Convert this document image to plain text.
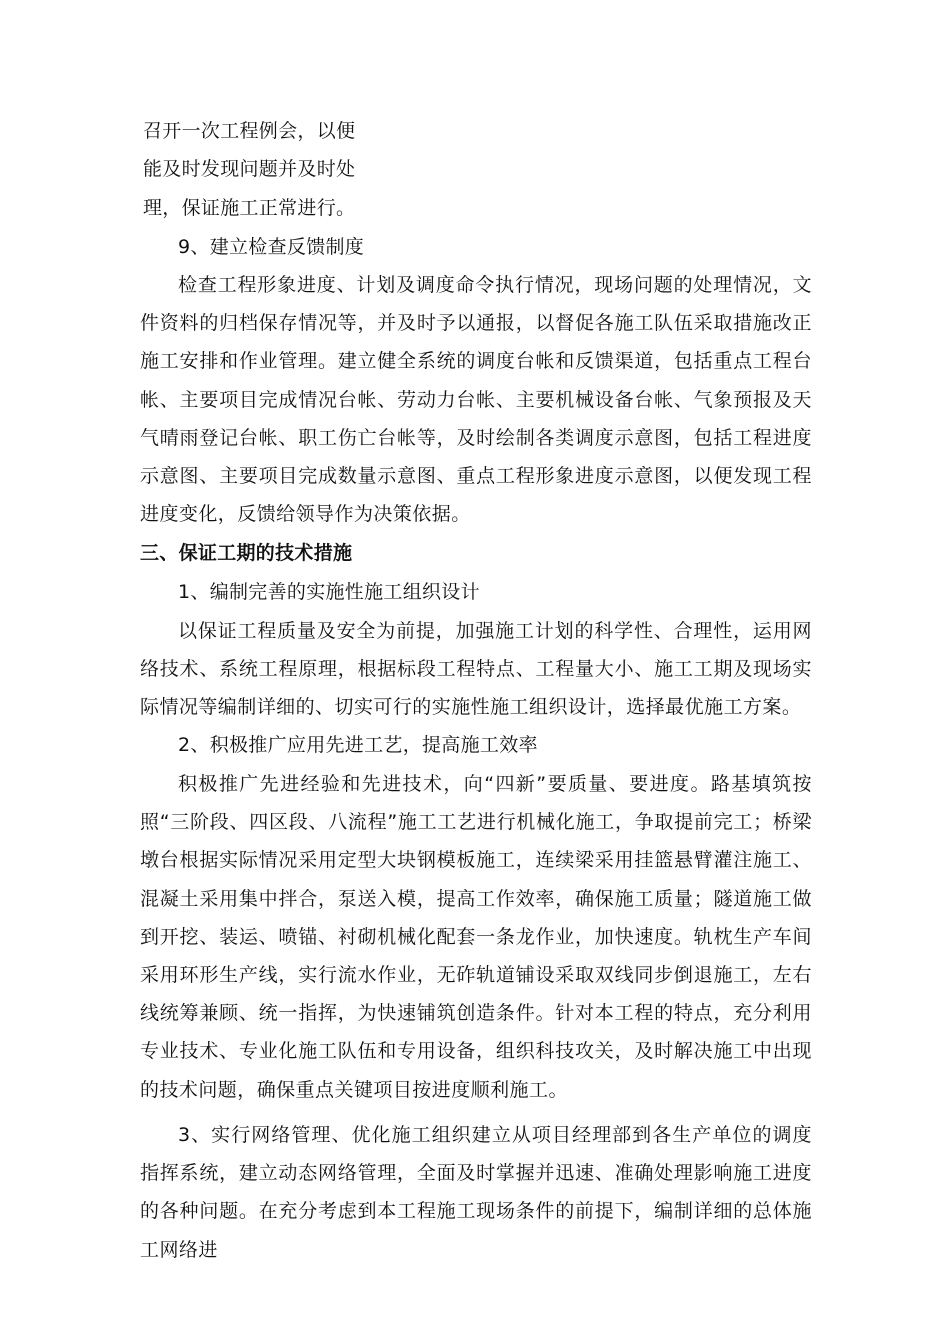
召开一次工程例会，以便
能及时发现问题并及时处
理，保证施工正常进行。
9、建立检查反馈制度

检查工程形象进度、计划及调度命令执行情况，现场问题的处理情况，文件资料的归档保存情况等，并及时予以通报，以督促各施工队伍采取措施改正施工安排和作业管理。建立健全系统的调度台帐和反馈渠道，包括重点工程台帐、主要项目完成情况台帐、劳动力台帐、主要机械设备台帐、气象预报及天气晴雨登记台帐、职工伤亡台帐等，及时绘制各类调度示意图，包括工程进度示意图、主要项目完成数量示意图、重点工程形象进度示意图，以便发现工程进度变化，反馈给领导作为决策依据。

三、保证工期的技术措施
1、编制完善的实施性施工组织设计

以保证工程质量及安全为前提，加强施工计划的科学性、合理性，运用网络技术、系统工程原理，根据标段工程特点、工程量大小、施工工期及现场实际情况等编制详细的、切实可行的实施性施工组织设计，选择最优施工方案。

2、积极推广应用先进工艺，提高施工效率

积极推广先进经验和先进技术，向“四新”要质量、要进度。路基填筑按照“三阶段、四区段、八流程”施工工艺进行机械化施工，争取提前完工；桥梁墩台根据实际情况采用定型大块钢模板施工，连续梁采用挂篮悬臂灌注施工、混凝土采用集中拌合，泵送入模，提高工作效率，确保施工质量；隧道施工做到开挖、装运、喷锚、衬砌机械化配套一条龙作业，加快速度。轨枕生产车间采用环形生产线，实行流水作业，无砟轨道铺设采取双线同步倒退施工，左右线统筹兼顾、统一指挥，为快速铺筑创造条件。针对本工程的特点，充分利用专业技术、专业化施工队伍和专用设备，组织科技攻关，及时解决施工中出现的技术问题，确保重点关键项目按进度顺利施工。

3、实行网络管理、优化施工组织建立从项目经理部到各生产单位的调度指挥系统，建立动态网络管理，全面及时掌握并迅速、准确处理影响施工进度的各种问题。在充分考虑到本工程施工现场条件的前提下，编制详细的总体施工网络进
